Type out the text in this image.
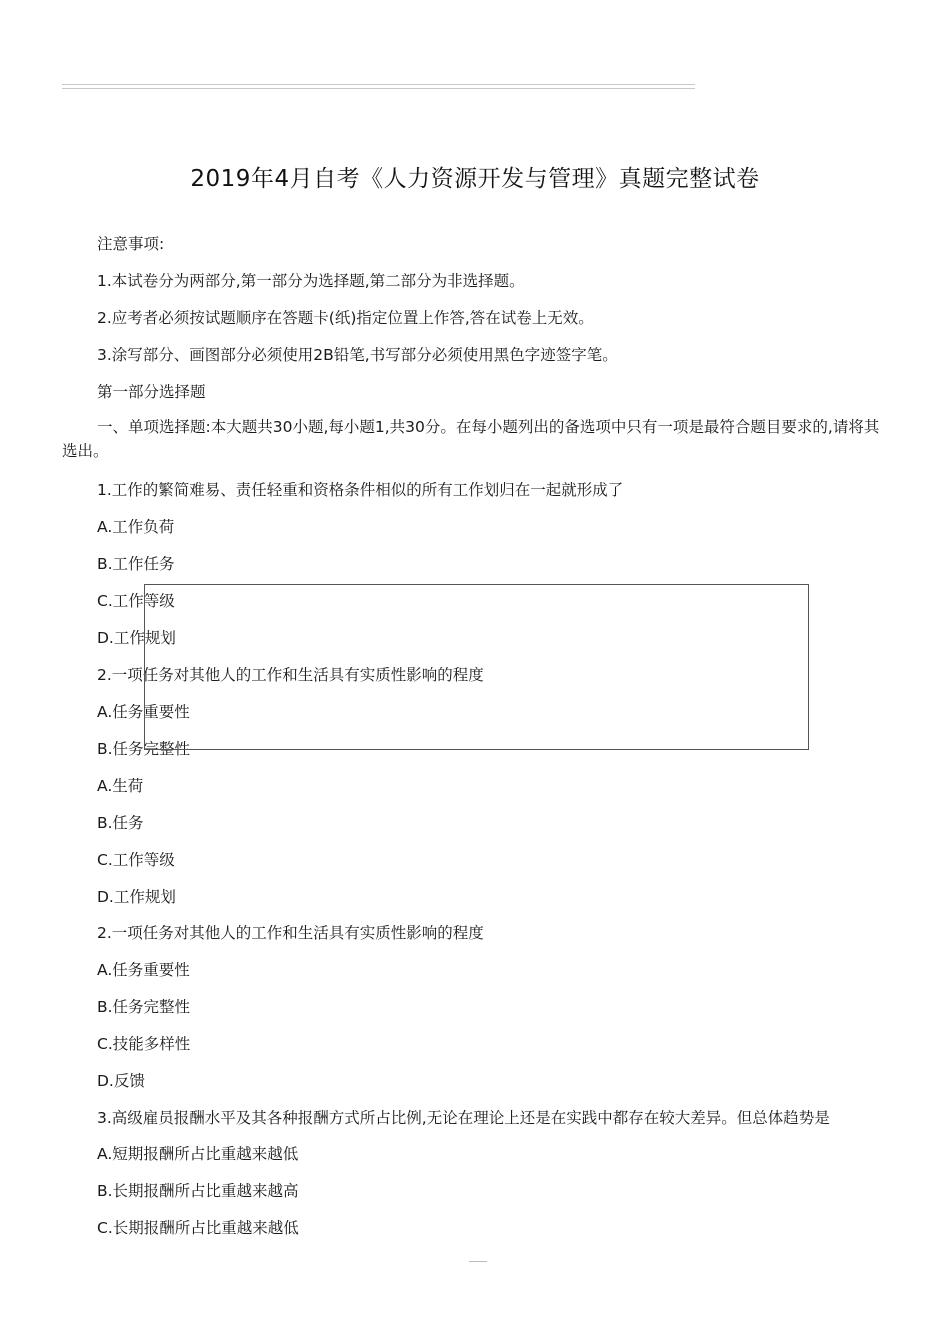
2019年4月自考《人力资源开发与管理》真题完整试卷
注意事项:
1.本试卷分为两部分,第一部分为选择题,第二部分为非选择题。
2.应考者必须按试题顺序在答题卡(纸)指定位置上作答,答在试卷上无效。
3.涂写部分、画图部分必须使用2B铅笔,书写部分必须使用黑色字迹签字笔。
第一部分选择题
一、单项选择题:本大题共30小题,每小题1,共30分。在每小题列出的备选项中只有一项是最符合题目要求的,请将其选出。
1.工作的繁简难易、责任轻重和资格条件相似的所有工作划归在一起就形成了
A.工作负荷
B.工作任务
C.工作等级
D.工作规划
2.一项任务对其他人的工作和生活具有实质性影响的程度
A.任务重要性
B.任务完整性
A.生荷
B.任务
C.工作等级
D.工作规划
2.一项任务对其他人的工作和生活具有实质性影响的程度
A.任务重要性
B.任务完整性
C.技能多样性
D.反馈
3.高级雇员报酬水平及其各种报酬方式所占比例,无论在理论上还是在实践中都存在较大差异。但总体趋势是
A.短期报酬所占比重越来越低
B.长期报酬所占比重越来越高
C.长期报酬所占比重越来越低
